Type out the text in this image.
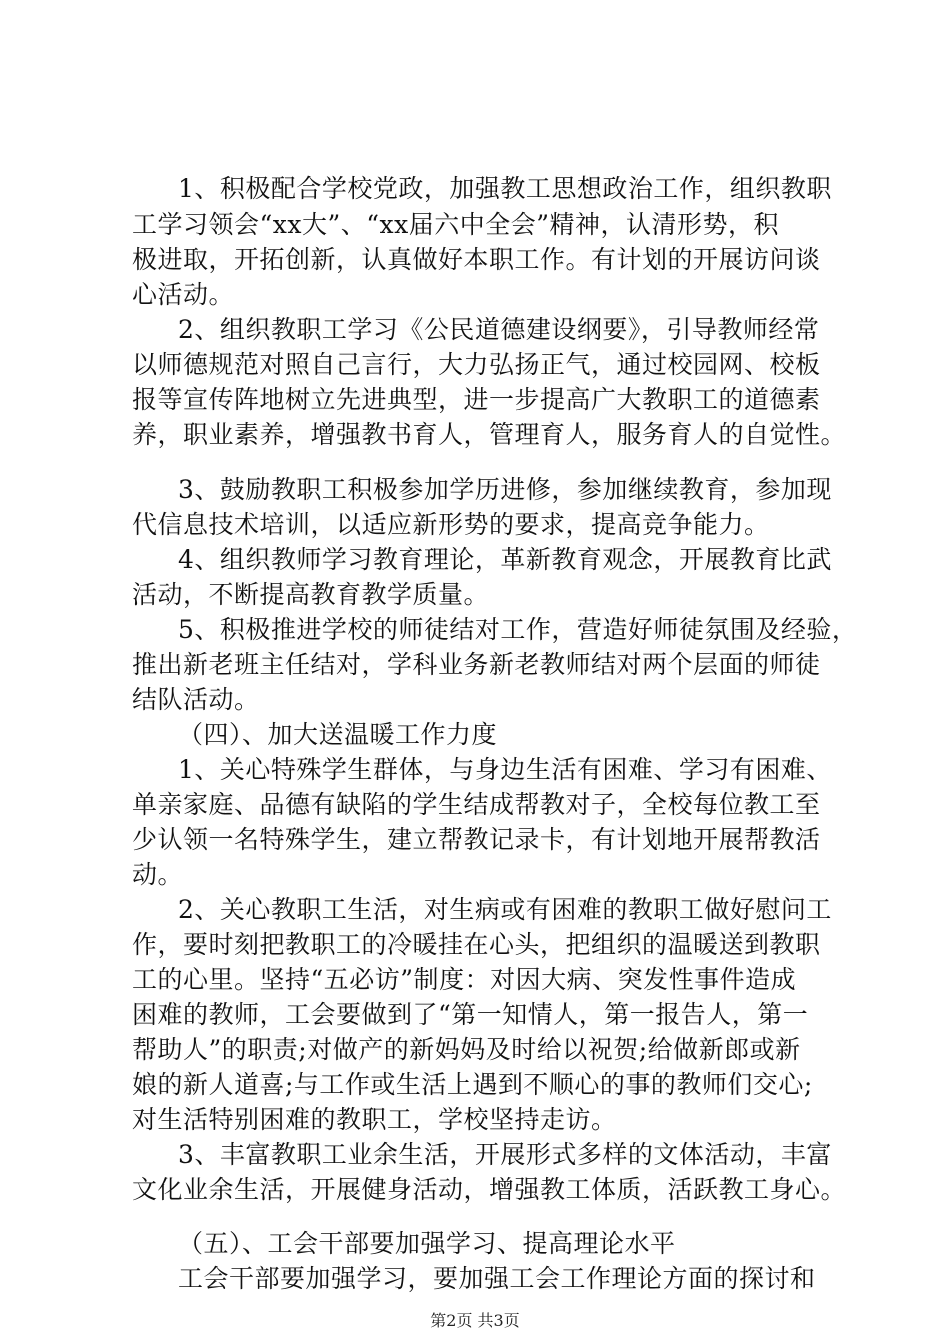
1、积极配合学校党政，加强教工思想政治工作，组织教职
工学习领会“xx大”、“xx届六中全会”精神，认清形势，积
极进取，开拓创新，认真做好本职工作。有计划的开展访问谈
心活动。
2、组织教职工学习《公民道德建设纲要》，引导教师经常
以师德规范对照自己言行，大力弘扬正气，通过校园网、校板
报等宣传阵地树立先进典型，进一步提高广大教职工的道德素
养，职业素养，增强教书育人，管理育人，服务育人的自觉性。
3、鼓励教职工积极参加学历进修，参加继续教育，参加现
代信息技术培训，以适应新形势的要求，提高竞争能力。
4、组织教师学习教育理论，革新教育观念，开展教育比武
活动，不断提高教育教学质量。
5、积极推进学校的师徒结对工作，营造好师徒氛围及经验，
推出新老班主任结对，学科业务新老教师结对两个层面的师徒
结队活动。
（四）、加大送温暖工作力度
1、关心特殊学生群体，与身边生活有困难、学习有困难、
单亲家庭、品德有缺陷的学生结成帮教对子，全校每位教工至
少认领一名特殊学生，建立帮教记录卡，有计划地开展帮教活
动。
2、关心教职工生活，对生病或有困难的教职工做好慰问工
作，要时刻把教职工的冷暖挂在心头，把组织的温暖送到教职
工的心里。坚持“五必访”制度：对因大病、突发性事件造成
困难的教师，工会要做到了“第一知情人，第一报告人，第一
帮助人”的职责;对做产的新妈妈及时给以祝贺;给做新郎或新
娘的新人道喜;与工作或生活上遇到不顺心的事的教师们交心;
对生活特别困难的教职工，学校坚持走访。
3、丰富教职工业余生活，开展形式多样的文体活动，丰富
文化业余生活，开展健身活动，增强教工体质，活跃教工身心。
（五）、工会干部要加强学习、提高理论水平
工会干部要加强学习，要加强工会工作理论方面的探讨和
第2页 共3页
